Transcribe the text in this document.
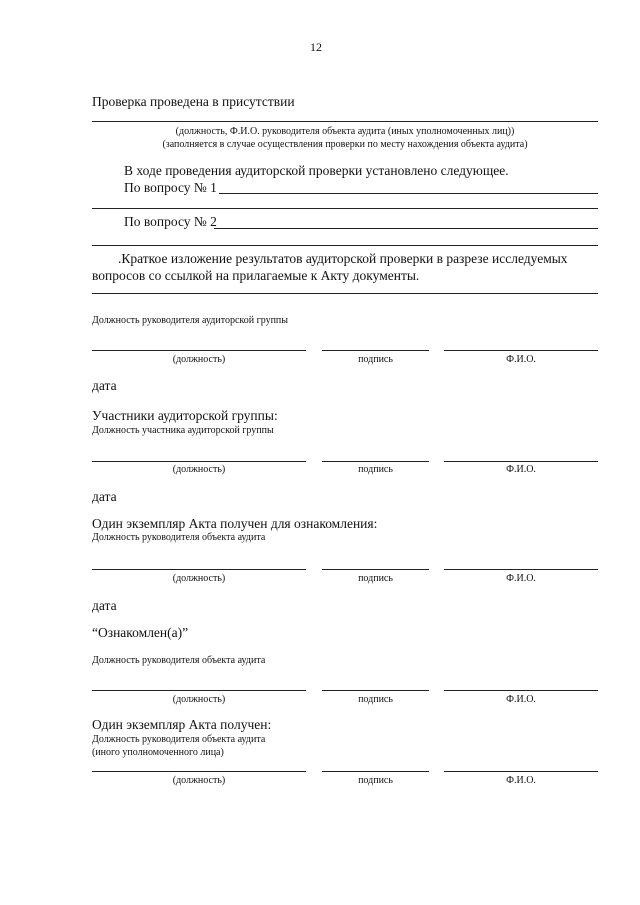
12
Проверка проведена в присутствии
(должность, Ф.И.О. руководителя объекта аудита (иных уполномоченных лиц))
(заполняется в случае осуществления проверки по месту нахождения объекта аудита)
В ходе проведения аудиторской проверки установлено следующее.
По вопросу № 1
По вопросу № 2
.Краткое изложение результатов аудиторской проверки в разрезе исследуемых
вопросов со ссылкой на прилагаемые к Акту документы.
Должность руководителя аудиторской группы
(должность)	подпись	Ф.И.О.
дата
Участники аудиторской группы:
Должность участника аудиторской группы
(должность)	подпись	Ф.И.О.
дата
Один экземпляр Акта получен для ознакомления:
Должность руководителя объекта аудита
(должность)	подпись	Ф.И.О.
дата
“Ознакомлен(а)”
Должность руководителя объекта аудита
(должность)	подпись	Ф.И.О.
Один экземпляр Акта получен:
Должность руководителя объекта аудита
(иного уполномоченного лица)
(должность)	подпись	Ф.И.О.
